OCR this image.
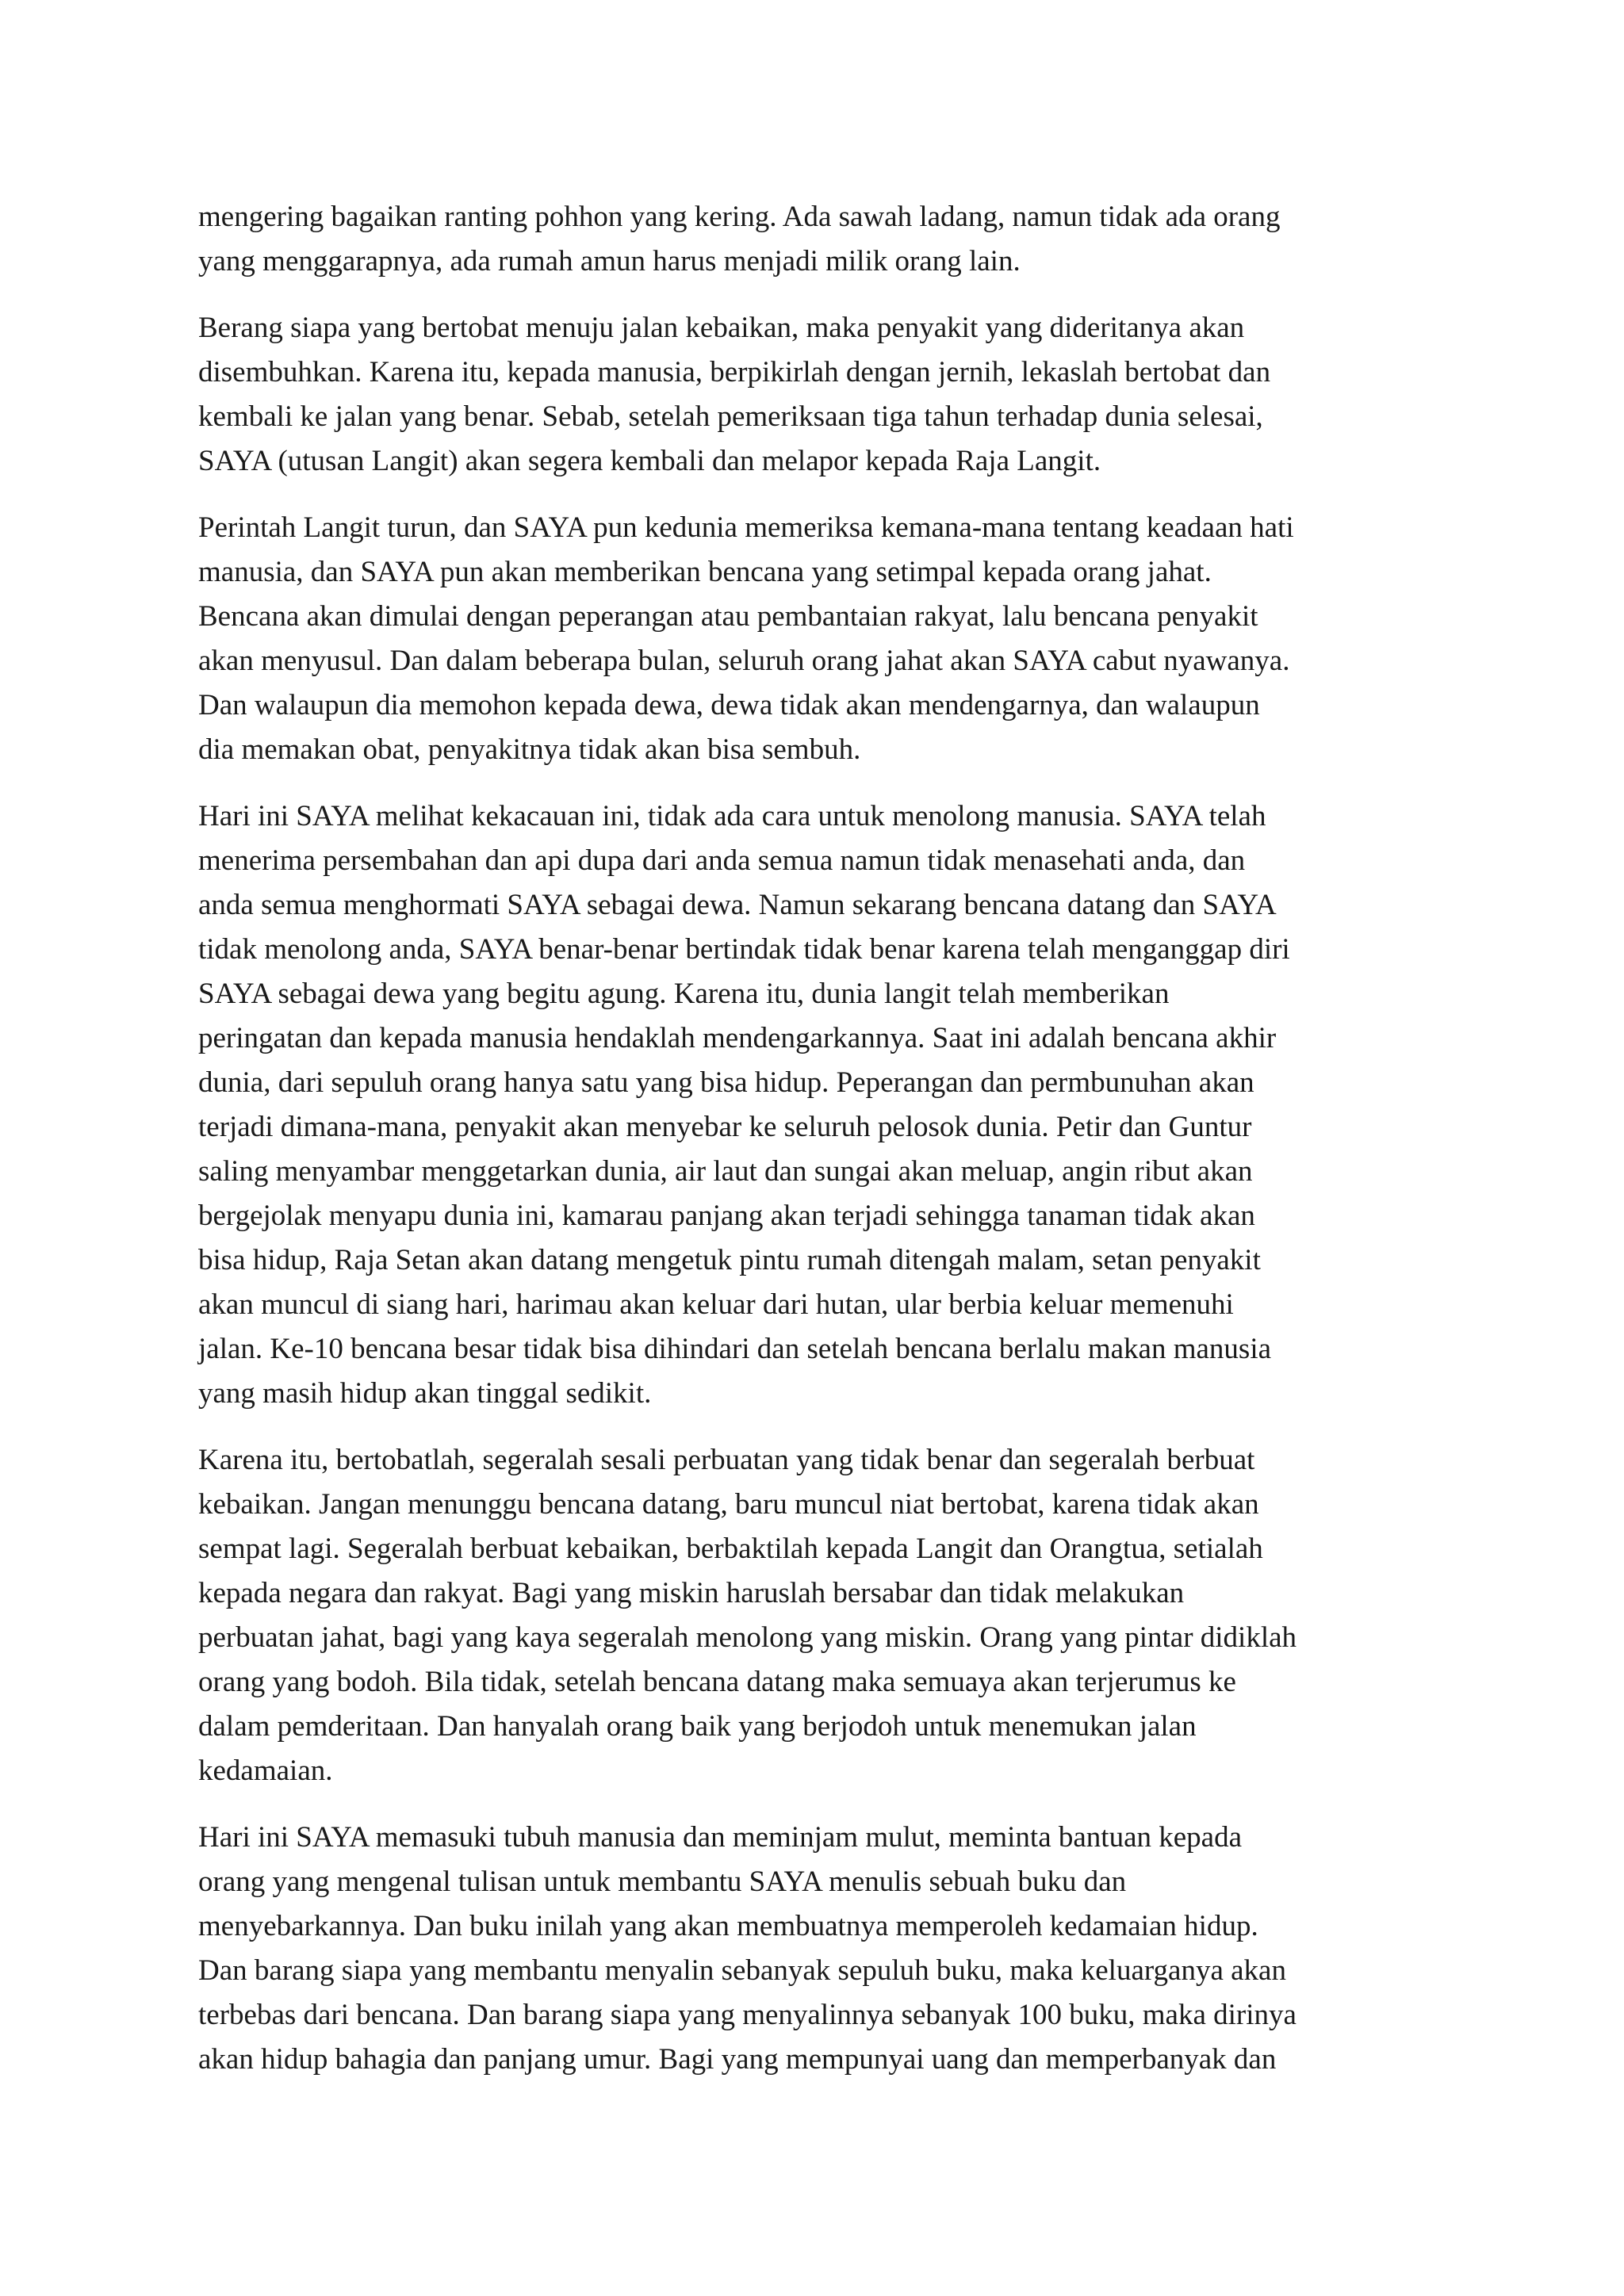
mengering bagaikan ranting pohhon yang kering. Ada sawah ladang, namun tidak ada orang
yang menggarapnya, ada rumah amun harus menjadi milik orang lain.

Berang siapa yang bertobat menuju jalan kebaikan, maka penyakit yang dideritanya akan
disembuhkan. Karena itu, kepada manusia, berpikirlah dengan jernih, lekaslah bertobat dan
kembali ke jalan yang benar. Sebab, setelah pemeriksaan tiga tahun terhadap dunia selesai,
SAYA (utusan Langit) akan segera kembali dan melapor kepada Raja Langit.

Perintah Langit turun, dan SAYA pun kedunia memeriksa kemana-mana tentang keadaan hati
manusia, dan SAYA pun akan memberikan bencana yang setimpal kepada orang jahat.
Bencana akan dimulai dengan peperangan atau pembantaian rakyat, lalu bencana penyakit
akan menyusul. Dan dalam beberapa bulan, seluruh orang jahat akan SAYA cabut nyawanya.
Dan walaupun dia memohon kepada dewa, dewa tidak akan mendengarnya, dan walaupun
dia memakan obat, penyakitnya tidak akan bisa sembuh.

Hari ini SAYA melihat kekacauan ini, tidak ada cara untuk menolong manusia. SAYA telah
menerima persembahan dan api dupa dari anda semua namun tidak menasehati anda, dan
anda semua menghormati SAYA sebagai dewa. Namun sekarang bencana datang dan SAYA
tidak menolong anda, SAYA benar-benar bertindak tidak benar karena telah menganggap diri
SAYA sebagai dewa yang begitu agung. Karena itu, dunia langit telah memberikan
peringatan dan kepada manusia hendaklah mendengarkannya. Saat ini adalah bencana akhir
dunia, dari sepuluh orang hanya satu yang bisa hidup. Peperangan dan permbunuhan akan
terjadi dimana-mana, penyakit akan menyebar ke seluruh pelosok dunia. Petir dan Guntur
saling menyambar menggetarkan dunia, air laut dan sungai akan meluap, angin ribut akan
bergejolak menyapu dunia ini, kamarau panjang akan terjadi sehingga tanaman tidak akan
bisa hidup, Raja Setan akan datang mengetuk pintu rumah ditengah malam, setan penyakit
akan muncul di siang hari, harimau akan keluar dari hutan, ular berbia keluar memenuhi
jalan. Ke-10 bencana besar tidak bisa dihindari dan setelah bencana berlalu makan manusia
yang masih hidup akan tinggal sedikit.

Karena itu, bertobatlah, segeralah sesali perbuatan yang tidak benar dan segeralah berbuat
kebaikan. Jangan menunggu bencana datang, baru muncul niat bertobat, karena tidak akan
sempat lagi. Segeralah berbuat kebaikan, berbaktilah kepada Langit dan Orangtua, setialah
kepada negara dan rakyat. Bagi yang miskin haruslah bersabar dan tidak melakukan
perbuatan jahat, bagi yang kaya segeralah menolong yang miskin. Orang yang pintar didiklah
orang yang bodoh. Bila tidak, setelah bencana datang maka semuaya akan terjerumus ke
dalam pemderitaan. Dan hanyalah orang baik yang berjodoh untuk menemukan jalan
kedamaian.

Hari ini SAYA memasuki tubuh manusia dan meminjam mulut, meminta bantuan kepada
orang yang mengenal tulisan untuk membantu SAYA menulis sebuah buku dan
menyebarkannya. Dan buku inilah yang akan membuatnya memperoleh kedamaian hidup.
Dan barang siapa yang membantu menyalin sebanyak sepuluh buku, maka keluarganya akan
terbebas dari bencana. Dan barang siapa yang menyalinnya sebanyak 100 buku, maka dirinya
akan hidup bahagia dan panjang umur. Bagi yang mempunyai uang dan memperbanyak dan
